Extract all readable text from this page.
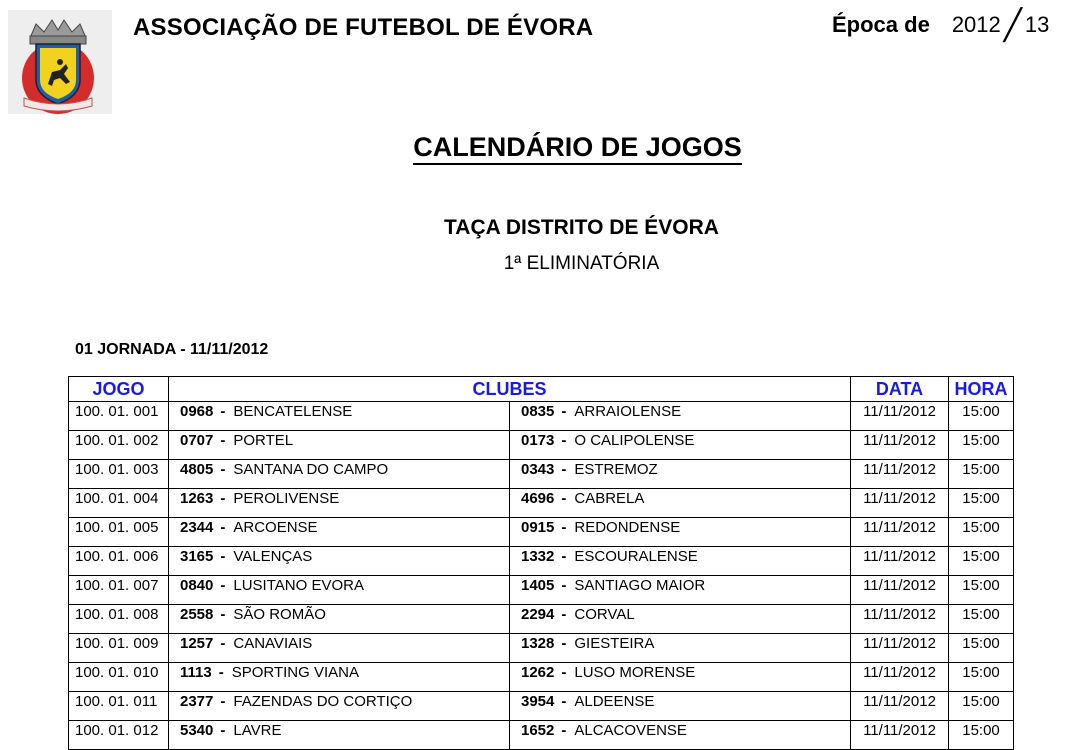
ASSOCIAÇÃO DE FUTEBOL DE ÉVORA	Época de 2012 ╱ 13
CALENDÁRIO DE JOGOS
TAÇA DISTRITO DE ÉVORA
1ª ELIMINATÓRIA
01 JORNADA - 11/11/2012
JOGO	CLUBES		DATA	HORA
100. 01. 001	0968 - BENCATELENSE	0835 - ARRAIOLENSE	11/11/2012	15:00
100. 01. 002	0707 - PORTEL	0173 - O CALIPOLENSE	11/11/2012	15:00
100. 01. 003	4805 - SANTANA DO CAMPO	0343 - ESTREMOZ	11/11/2012	15:00
100. 01. 004	1263 - PEROLIVENSE	4696 - CABRELA	11/11/2012	15:00
100. 01. 005	2344 - ARCOENSE	0915 - REDONDENSE	11/11/2012	15:00
100. 01. 006	3165 - VALENÇAS	1332 - ESCOURALENSE	11/11/2012	15:00
100. 01. 007	0840 - LUSITANO EVORA	1405 - SANTIAGO MAIOR	11/11/2012	15:00
100. 01. 008	2558 - SÃO ROMÃO	2294 - CORVAL	11/11/2012	15:00
100. 01. 009	1257 - CANAVIAIS	1328 - GIESTEIRA	11/11/2012	15:00
100. 01. 010	1113 - SPORTING VIANA	1262 - LUSO MORENSE	11/11/2012	15:00
100. 01. 011	2377 - FAZENDAS DO CORTIÇO	3954 - ALDEENSE	11/11/2012	15:00
100. 01. 012	5340 - LAVRE	1652 - ALCACOVENSE	11/11/2012	15:00
